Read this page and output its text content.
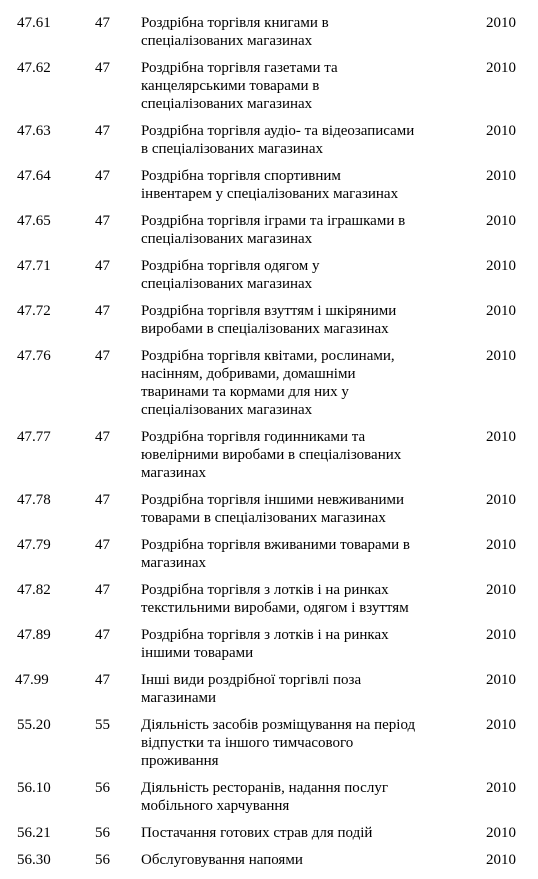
47.61	47 Роздрібна торгівля книгами в
спеціалізованих магазинах
2010
47.62	47 Роздрібна торгівля газетами та
канцелярськими товарами в
спеціалізованих магазинах
2010
47.63	47 Роздрібна торгівля аудіо- та відеозаписами
в спеціалізованих магазинах
2010
47.64	47 Роздрібна торгівля спортивним
інвентарем у спеціалізованих магазинах
2010
47.65	47 Роздрібна торгівля іграми та іграшками в
спеціалізованих магазинах
2010
47.71	47 Роздрібна торгівля одягом у
спеціалізованих магазинах
2010
47.72	47 Роздрібна торгівля взуттям і шкіряними
виробами в спеціалізованих магазинах
2010
47.76	47 Роздрібна торгівля квітами, рослинами,
насінням, добривами, домашніми
тваринами та кормами для них у
спеціалізованих магазинах
2010
47.77	47 Роздрібна торгівля годинниками та
ювелірними виробами в спеціалізованих
магазинах
2010
47.78	47 Роздрібна торгівля іншими невживаними
товарами в спеціалізованих магазинах
2010
47.79	47 Роздрібна торгівля вживаними товарами в
магазинах
2010
47.82	47 Роздрібна торгівля з лотків і на ринках
текстильними виробами, одягом і взуттям
2010
47.89	47 Роздрібна торгівля з лотків і на ринках
іншими товарами
2010
47.99	47 Інші види роздрібної торгівлі поза
магазинами
2010
55.20	55 Діяльність засобів розміщування на період
відпустки та іншого тимчасового
проживання
2010
56.10	56 Діяльність ресторанів, надання послуг
мобільного харчування
2010
56.21	56 Постачання готових страв для подій	2010
56.30	56 Обслуговування напоями	2010
